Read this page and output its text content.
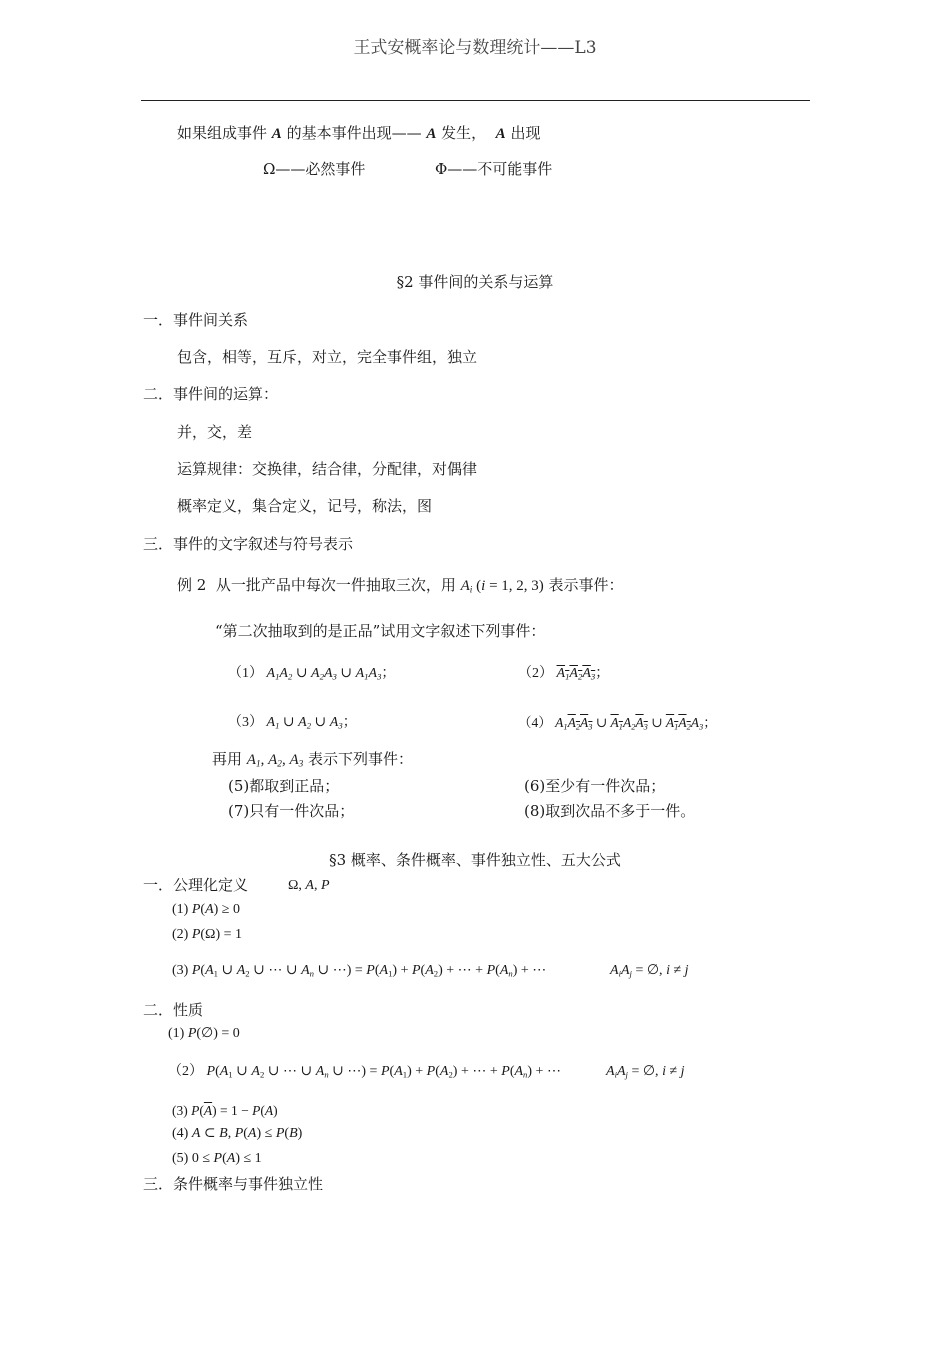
王式安概率论与数理统计——L3
如果组成事件 A 的基本事件出现—— A 发生，  A 出现
Ω——必然事件	Φ——不可能事件
§2 事件间的关系与运算
一．事件间关系
包含，相等，互斥，对立，完全事件组，独立
二．事件间的运算：
并，交，差
运算规律：交换律，结合律，分配律，对偶律
概率定义，集合定义，记号，称法，图
三．事件的文字叙述与符号表示
例 2  从一批产品中每次一件抽取三次，用 $A_i$ (i = 1, 2, 3) 表示事件：
“第二次抽取到的是正品”试用文字叙述下列事件：
（1） $A_1A_2$ ∪ $A_2A_3$ ∪ $A_1A_3$；	（2） $A_1A_2A_3$；
（3） $A_1$ ∪ $A_2$ ∪ $A_3$；	（4） $A_1A_2A_3$ ∪ $A_1A_2A_3$ ∪ $A_1A_2A_3$；
再用 $A_1$, $A_2$, $A_3$ 表示下列事件：
(5)都取到正品；	(6)至少有一件次品；
(7)只有一件次品；	(8)取到次品不多于一件。
§3 概率、条件概率、事件独立性、五大公式
一．公理化定义	Ω, A, P
(1) P(A) ≥ 0
(2) P(Ω) = 1
(3) $P(A_1$ ∪ $A_2$ ∪ ⋯ ∪ $A_n$ ∪ ⋯) = $P(A_1) + P(A_2)$ + ⋯ + $P(A_n)$ + ⋯	$A_iA_j$ = ∅, i ≠ j
二．性质
(1) P(∅) = 0
（2） $P(A_1$ ∪ $A_2$ ∪ ⋯ ∪ $A_n$ ∪ ⋯) = $P(A_1) + P(A_2)$ + ⋯ + $P(A_n)$ + ⋯	$A_iA_j$ = ∅, i ≠ j
(3) $P(\overline{A}) = 1 - P(A)$
(4) A ⊂ B, P(A) ≤ P(B)
(5) 0 ≤ P(A) ≤ 1
三．条件概率与事件独立性
